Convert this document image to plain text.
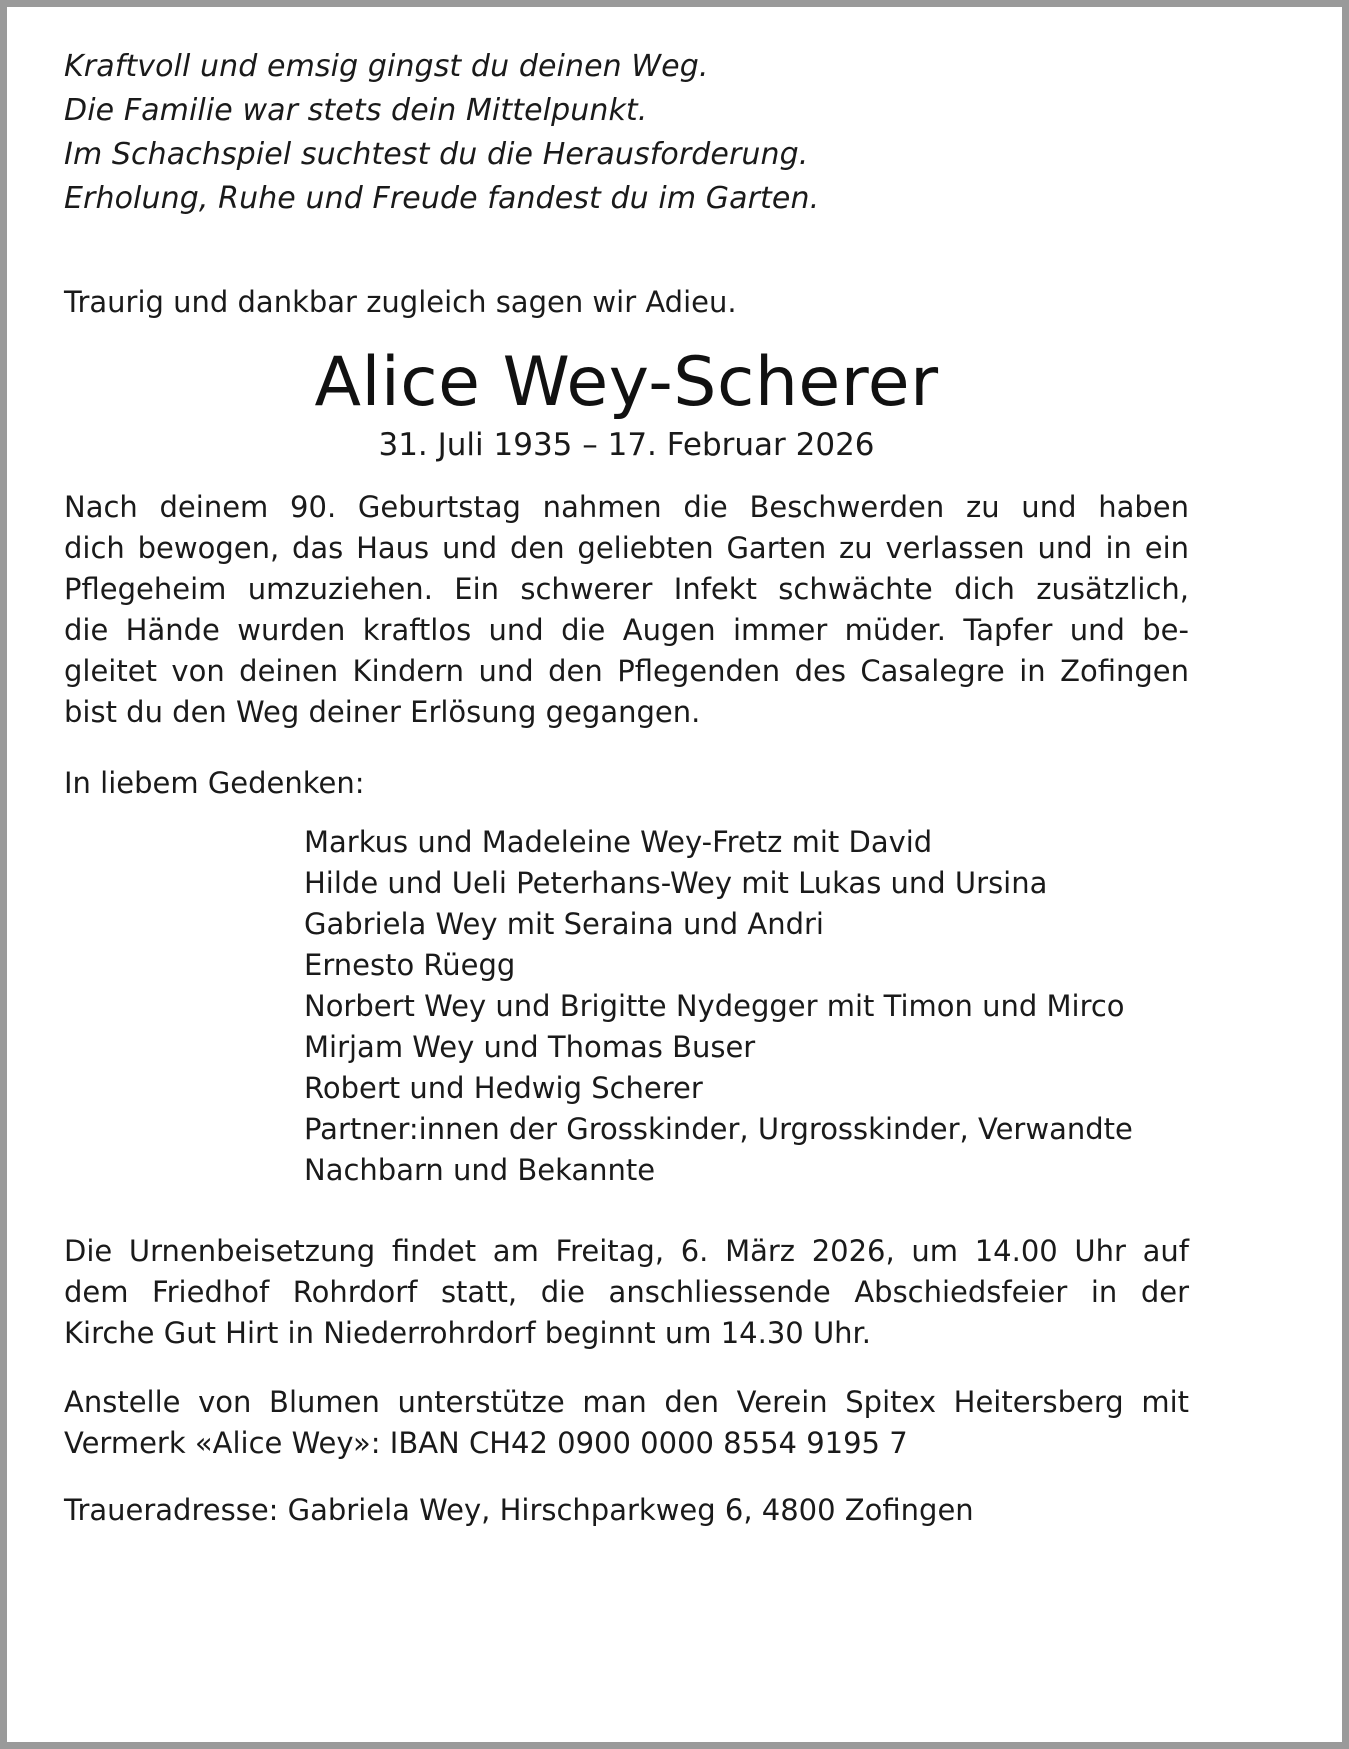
Kraftvoll und emsig gingst du deinen Weg.
Die Familie war stets dein Mittelpunkt.
Im Schachspiel suchtest du die Herausforderung.
Erholung, Ruhe und Freude fandest du im Garten.
Traurig und dankbar zugleich sagen wir Adieu.
Alice Wey-Scherer
31. Juli 1935 – 17. Februar 2026
Nach deinem 90. Geburtstag nahmen die Beschwerden zu und haben
dich bewogen, das Haus und den geliebten Garten zu verlassen und in ein
Pflegeheim umzuziehen. Ein schwerer Infekt schwächte dich zusätzlich,
die Hände wurden kraftlos und die Augen immer müder. Tapfer und be-
gleitet von deinen Kindern und den Pflegenden des Casalegre in Zofingen
bist du den Weg deiner Erlösung gegangen.
In liebem Gedenken:
Markus und Madeleine Wey-Fretz mit David
Hilde und Ueli Peterhans-Wey mit Lukas und Ursina
Gabriela Wey mit Seraina und Andri
Ernesto Rüegg
Norbert Wey und Brigitte Nydegger mit Timon und Mirco
Mirjam Wey und Thomas Buser
Robert und Hedwig Scherer
Partner:innen der Grosskinder, Urgrosskinder, Verwandte
Nachbarn und Bekannte
Die Urnenbeisetzung findet am Freitag, 6. März 2026, um 14.00 Uhr auf
dem Friedhof Rohrdorf statt, die anschliessende Abschiedsfeier in der
Kirche Gut Hirt in Niederrohrdorf beginnt um 14.30 Uhr.
Anstelle von Blumen unterstütze man den Verein Spitex Heitersberg mit
Vermerk «Alice Wey»: IBAN CH42 0900 0000 8554 9195 7
Traueradresse: Gabriela Wey, Hirschparkweg 6, 4800 Zofingen
